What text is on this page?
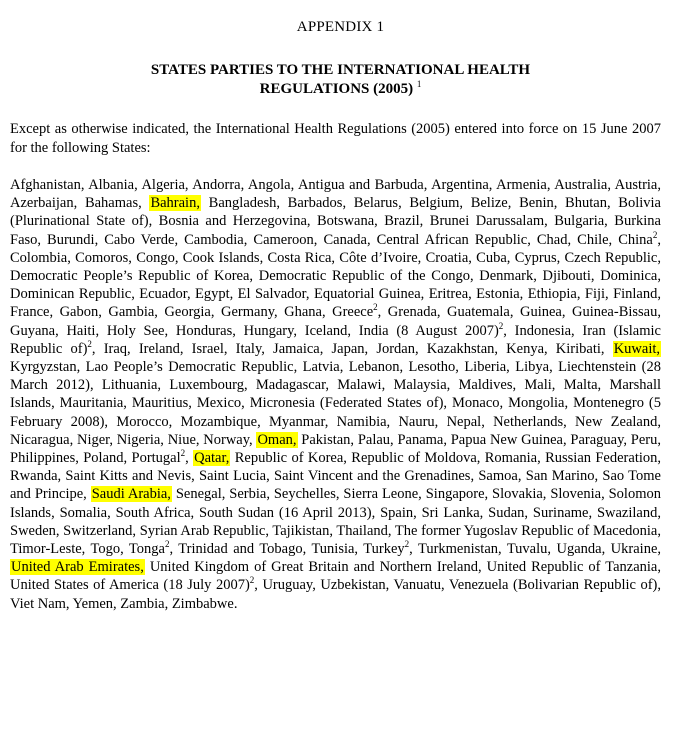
APPENDIX 1
STATES PARTIES TO THE INTERNATIONAL HEALTH
REGULATIONS (2005) $^1$
Except as otherwise indicated, the International Health Regulations (2005) entered into force on 15 June 2007 for the following States:
Afghanistan, Albania, Algeria, Andorra, Angola, Antigua and Barbuda, Argentina, Armenia, Australia, Austria, Azerbaijan, Bahamas, Bahrain, Bangladesh, Barbados, Belarus, Belgium, Belize, Benin, Bhutan, Bolivia (Plurinational State of), Bosnia and Herzegovina, Botswana, Brazil, Brunei Darussalam, Bulgaria, Burkina Faso, Burundi, Cabo Verde, Cambodia, Cameroon, Canada, Central African Republic, Chad, Chile, China$^2$, Colombia, Comoros, Congo, Cook Islands, Costa Rica, Côte d’Ivoire, Croatia, Cuba, Cyprus, Czech Republic, Democratic People’s Republic of Korea, Democratic Republic of the Congo, Denmark, Djibouti, Dominica, Dominican Republic, Ecuador, Egypt, El Salvador, Equatorial Guinea, Eritrea, Estonia, Ethiopia, Fiji, Finland, France, Gabon, Gambia, Georgia, Germany, Ghana, Greece$^2$, Grenada, Guatemala, Guinea, Guinea-Bissau, Guyana, Haiti, Holy See, Honduras, Hungary, Iceland, India (8 August 2007)$^2$, Indonesia, Iran (Islamic Republic of)$^2$, Iraq, Ireland, Israel, Italy, Jamaica, Japan, Jordan, Kazakhstan, Kenya, Kiribati, Kuwait, Kyrgyzstan, Lao People’s Democratic Republic, Latvia, Lebanon, Lesotho, Liberia, Libya, Liechtenstein (28 March 2012), Lithuania, Luxembourg, Madagascar, Malawi, Malaysia, Maldives, Mali, Malta, Marshall Islands, Mauritania, Mauritius, Mexico, Micronesia (Federated States of), Monaco, Mongolia, Montenegro (5 February 2008), Morocco, Mozambique, Myanmar, Namibia, Nauru, Nepal, Netherlands, New Zealand, Nicaragua, Niger, Nigeria, Niue, Norway, Oman, Pakistan, Palau, Panama, Papua New Guinea, Paraguay, Peru, Philippines, Poland, Portugal$^2$, Qatar, Republic of Korea, Republic of Moldova, Romania, Russian Federation, Rwanda, Saint Kitts and Nevis, Saint Lucia, Saint Vincent and the Grenadines, Samoa, San Marino, Sao Tome and Principe, Saudi Arabia, Senegal, Serbia, Seychelles, Sierra Leone, Singapore, Slovakia, Slovenia, Solomon Islands, Somalia, South Africa, South Sudan (16 April 2013), Spain, Sri Lanka, Sudan, Suriname, Swaziland, Sweden, Switzerland, Syrian Arab Republic, Tajikistan, Thailand, The former Yugoslav Republic of Macedonia, Timor-Leste, Togo, Tonga$^2$, Trinidad and Tobago, Tunisia, Turkey$^2$, Turkmenistan, Tuvalu, Uganda, Ukraine, United Arab Emirates, United Kingdom of Great Britain and Northern Ireland, United Republic of Tanzania, United States of America (18 July 2007)$^2$, Uruguay, Uzbekistan, Vanuatu, Venezuela (Bolivarian Republic of), Viet Nam, Yemen, Zambia, Zimbabwe.
